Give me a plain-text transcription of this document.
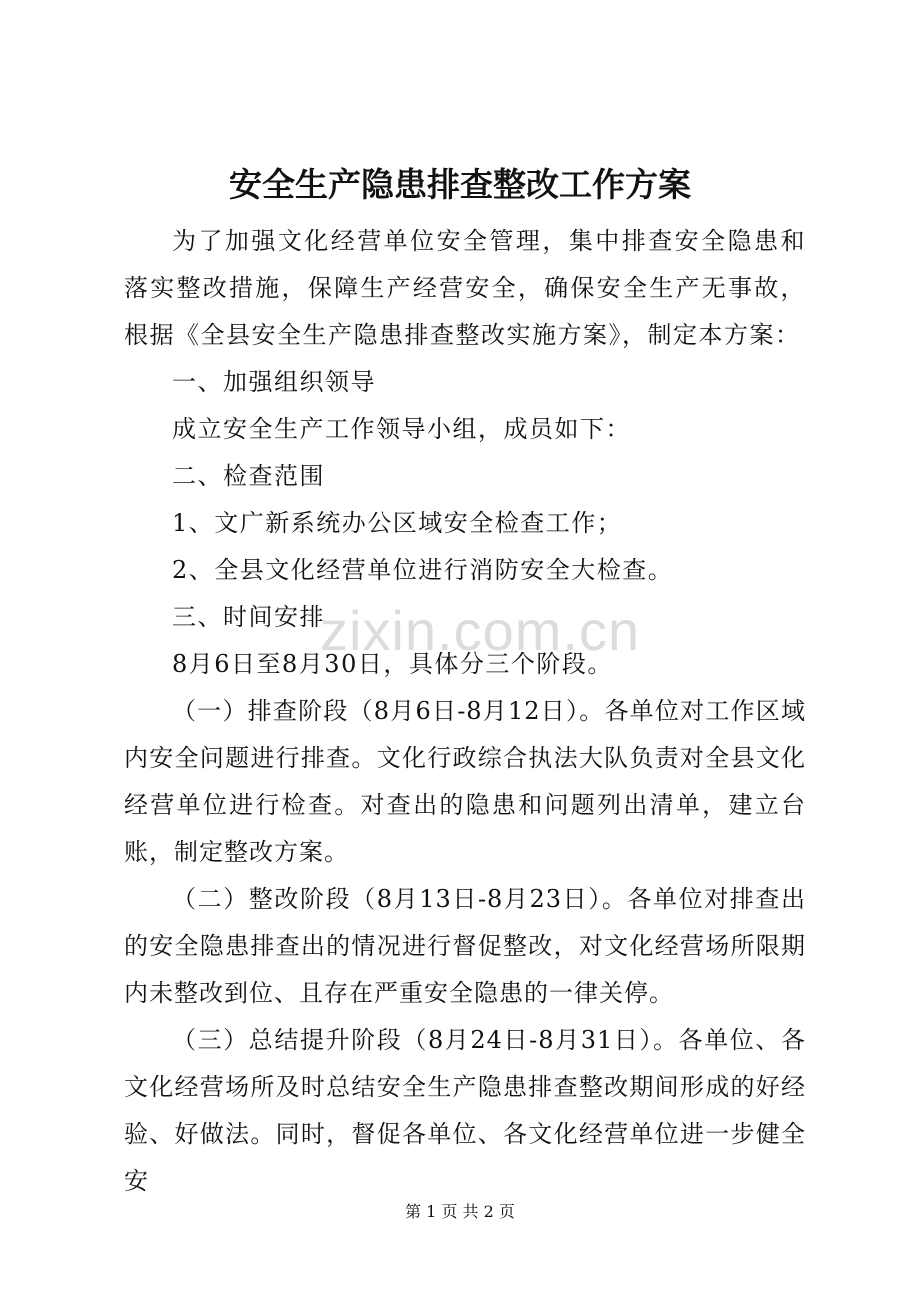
安全生产隐患排查整改工作方案

为了加强文化经营单位安全管理，集中排查安全隐患和落实整改措施，保障生产经营安全，确保安全生产无事故，根据《全县安全生产隐患排查整改实施方案》，制定本方案：

一、加强组织领导

成立安全生产工作领导小组，成员如下：

二、检查范围

1、文广新系统办公区域安全检查工作；

2、全县文化经营单位进行消防安全大检查。

三、时间安排

8月6日至8月30日，具体分三个阶段。

（一）排查阶段（8月6日-8月12日）。各单位对工作区域内安全问题进行排查。文化行政综合执法大队负责对全县文化经营单位进行检查。对查出的隐患和问题列出清单，建立台账，制定整改方案。

（二）整改阶段（8月13日-8月23日）。各单位对排查出的安全隐患排查出的情况进行督促整改，对文化经营场所限期内未整改到位、且存在严重安全隐患的一律关停。

（三）总结提升阶段（8月24日-8月31日）。各单位、各文化经营场所及时总结安全生产隐患排查整改期间形成的好经验、好做法。同时，督促各单位、各文化经营单位进一步健全安

zixin.com.cn
第 1 页 共 2 页
